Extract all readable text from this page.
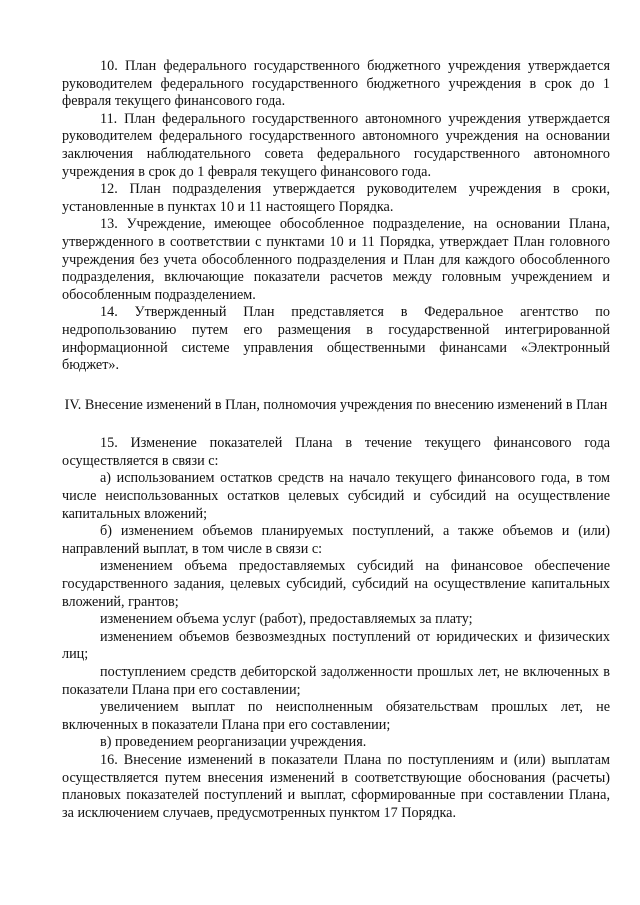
10. План федерального государственного бюджетного учреждения утверждается руководителем федерального государственного бюджетного учреждения в срок до 1 февраля текущего финансового года.

11. План федерального государственного автономного учреждения утверждается руководителем федерального государственного автономного учреждения на основании заключения наблюдательного совета федерального государственного автономного учреждения в срок до 1 февраля текущего финансового года.

12. План подразделения утверждается руководителем учреждения в сроки, установленные в пунктах 10 и 11 настоящего Порядка.

13. Учреждение, имеющее обособленное подразделение, на основании Плана, утвержденного в соответствии с пунктами 10 и 11 Порядка, утверждает План головного учреждения без учета обособленного подразделения и План для каждого обособленного подразделения, включающие показатели расчетов между головным учреждением и обособленным подразделением.

14. Утвержденный План представляется в Федеральное агентство по недропользованию путем его размещения в государственной интегрированной информационной системе управления общественными финансами «Электронный бюджет».

IV. Внесение изменений в План, полномочия учреждения по внесению изменений в План

15. Изменение показателей Плана в течение текущего финансового года осуществляется в связи с:

а) использованием остатков средств на начало текущего финансового года, в том числе неиспользованных остатков целевых субсидий и субсидий на осуществление капитальных вложений;

б) изменением объемов планируемых поступлений, а также объемов и (или) направлений выплат, в том числе в связи с:

изменением объема предоставляемых субсидий на финансовое обеспечение государственного задания, целевых субсидий, субсидий на осуществление капитальных вложений, грантов;

изменением объема услуг (работ), предоставляемых за плату;

изменением объемов безвозмездных поступлений от юридических и физических лиц;

поступлением средств дебиторской задолженности прошлых лет, не включенных в показатели Плана при его составлении;

увеличением выплат по неисполненным обязательствам прошлых лет, не включенных в показатели Плана при его составлении;

в) проведением реорганизации учреждения.

16. Внесение изменений в показатели Плана по поступлениям и (или) выплатам осуществляется путем внесения изменений в соответствующие обоснования (расчеты) плановых показателей поступлений и выплат, сформированные при составлении Плана, за исключением случаев, предусмотренных пунктом 17 Порядка.
